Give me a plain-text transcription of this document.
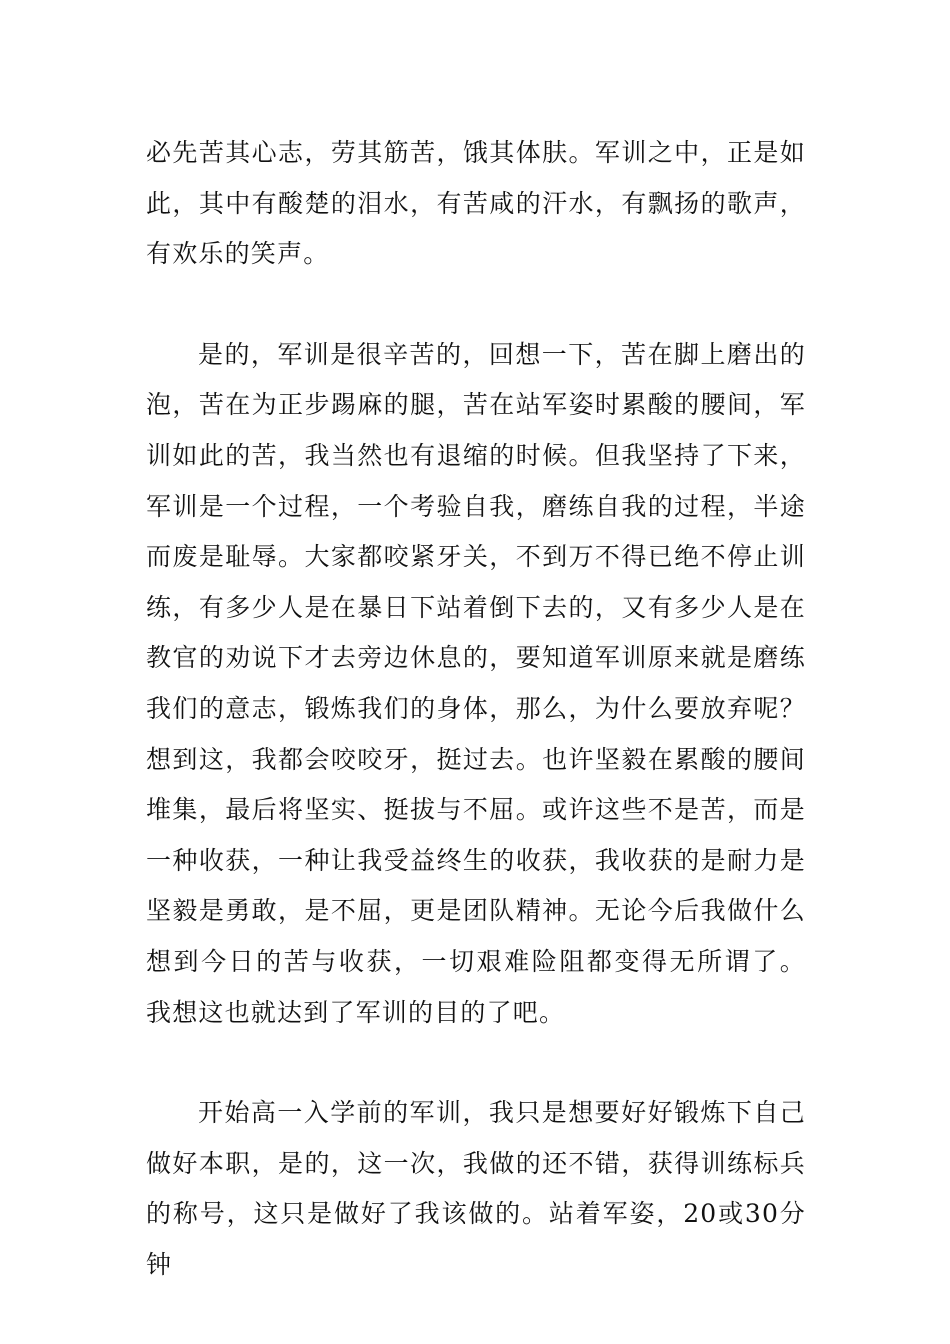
必先苦其心志，劳其筋苦，饿其体肤。军训之中，正是如此，其中有酸楚的泪水，有苦咸的汗水，有飘扬的歌声，有欢乐的笑声。

是的，军训是很辛苦的，回想一下，苦在脚上磨出的泡，苦在为正步踢麻的腿，苦在站军姿时累酸的腰间，军训如此的苦，我当然也有退缩的时候。但我坚持了下来，军训是一个过程，一个考验自我，磨练自我的过程，半途而废是耻辱。大家都咬紧牙关，不到万不得已绝不停止训练，有多少人是在暴日下站着倒下去的，又有多少人是在教官的劝说下才去旁边休息的，要知道军训原来就是磨练我们的意志，锻炼我们的身体，那么，为什么要放弃呢？想到这，我都会咬咬牙，挺过去。也许坚毅在累酸的腰间堆集，最后将坚实、挺拔与不屈。或许这些不是苦，而是一种收获，一种让我受益终生的收获，我收获的是耐力是坚毅是勇敢，是不屈，更是团队精神。无论今后我做什么想到今日的苦与收获，一切艰难险阻都变得无所谓了。 我想这也就达到了军训的目的了吧。

开始高一入学前的军训，我只是想要好好锻炼下自己做好本职，是的，这一次，我做的还不错，获得训练标兵的称号，这只是做好了我该做的。站着军姿，20或30分钟
